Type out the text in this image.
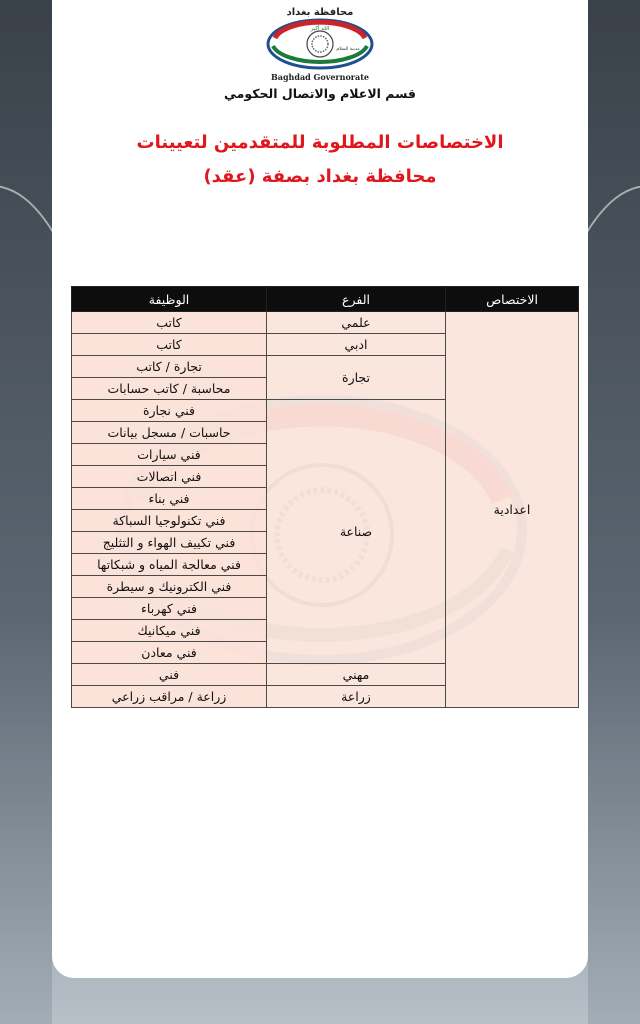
محافظة بغداد
الله أكبر
مدينة السلام
Baghdad Governorate
قسم الاعلام والاتصال الحكومي
الاختصاصات المطلوبة للمتقدمين لتعيينات
محافظة بغداد بصفة (عقد)
الاختصاص	الفرع	الوظيفة
اعدادية	علمي	كاتب
	ادبي	كاتب
	تجارة	تجارة / كاتب
		محاسبة / كاتب حسابات
	صناعة	فني نجارة
		حاسبات / مسجل بيانات
		فني سيارات
		فني اتصالات
		فني بناء
		فني تكنولوجيا السباكة
		فني تكييف الهواء و التثليج
		فني معالجة المياه و شبكاتها
		فني الكترونيك و سيطرة
		فني كهرباء
		فني ميكانيك
		فني معادن
	مهني	فني
	زراعة	زراعة / مراقب زراعي
